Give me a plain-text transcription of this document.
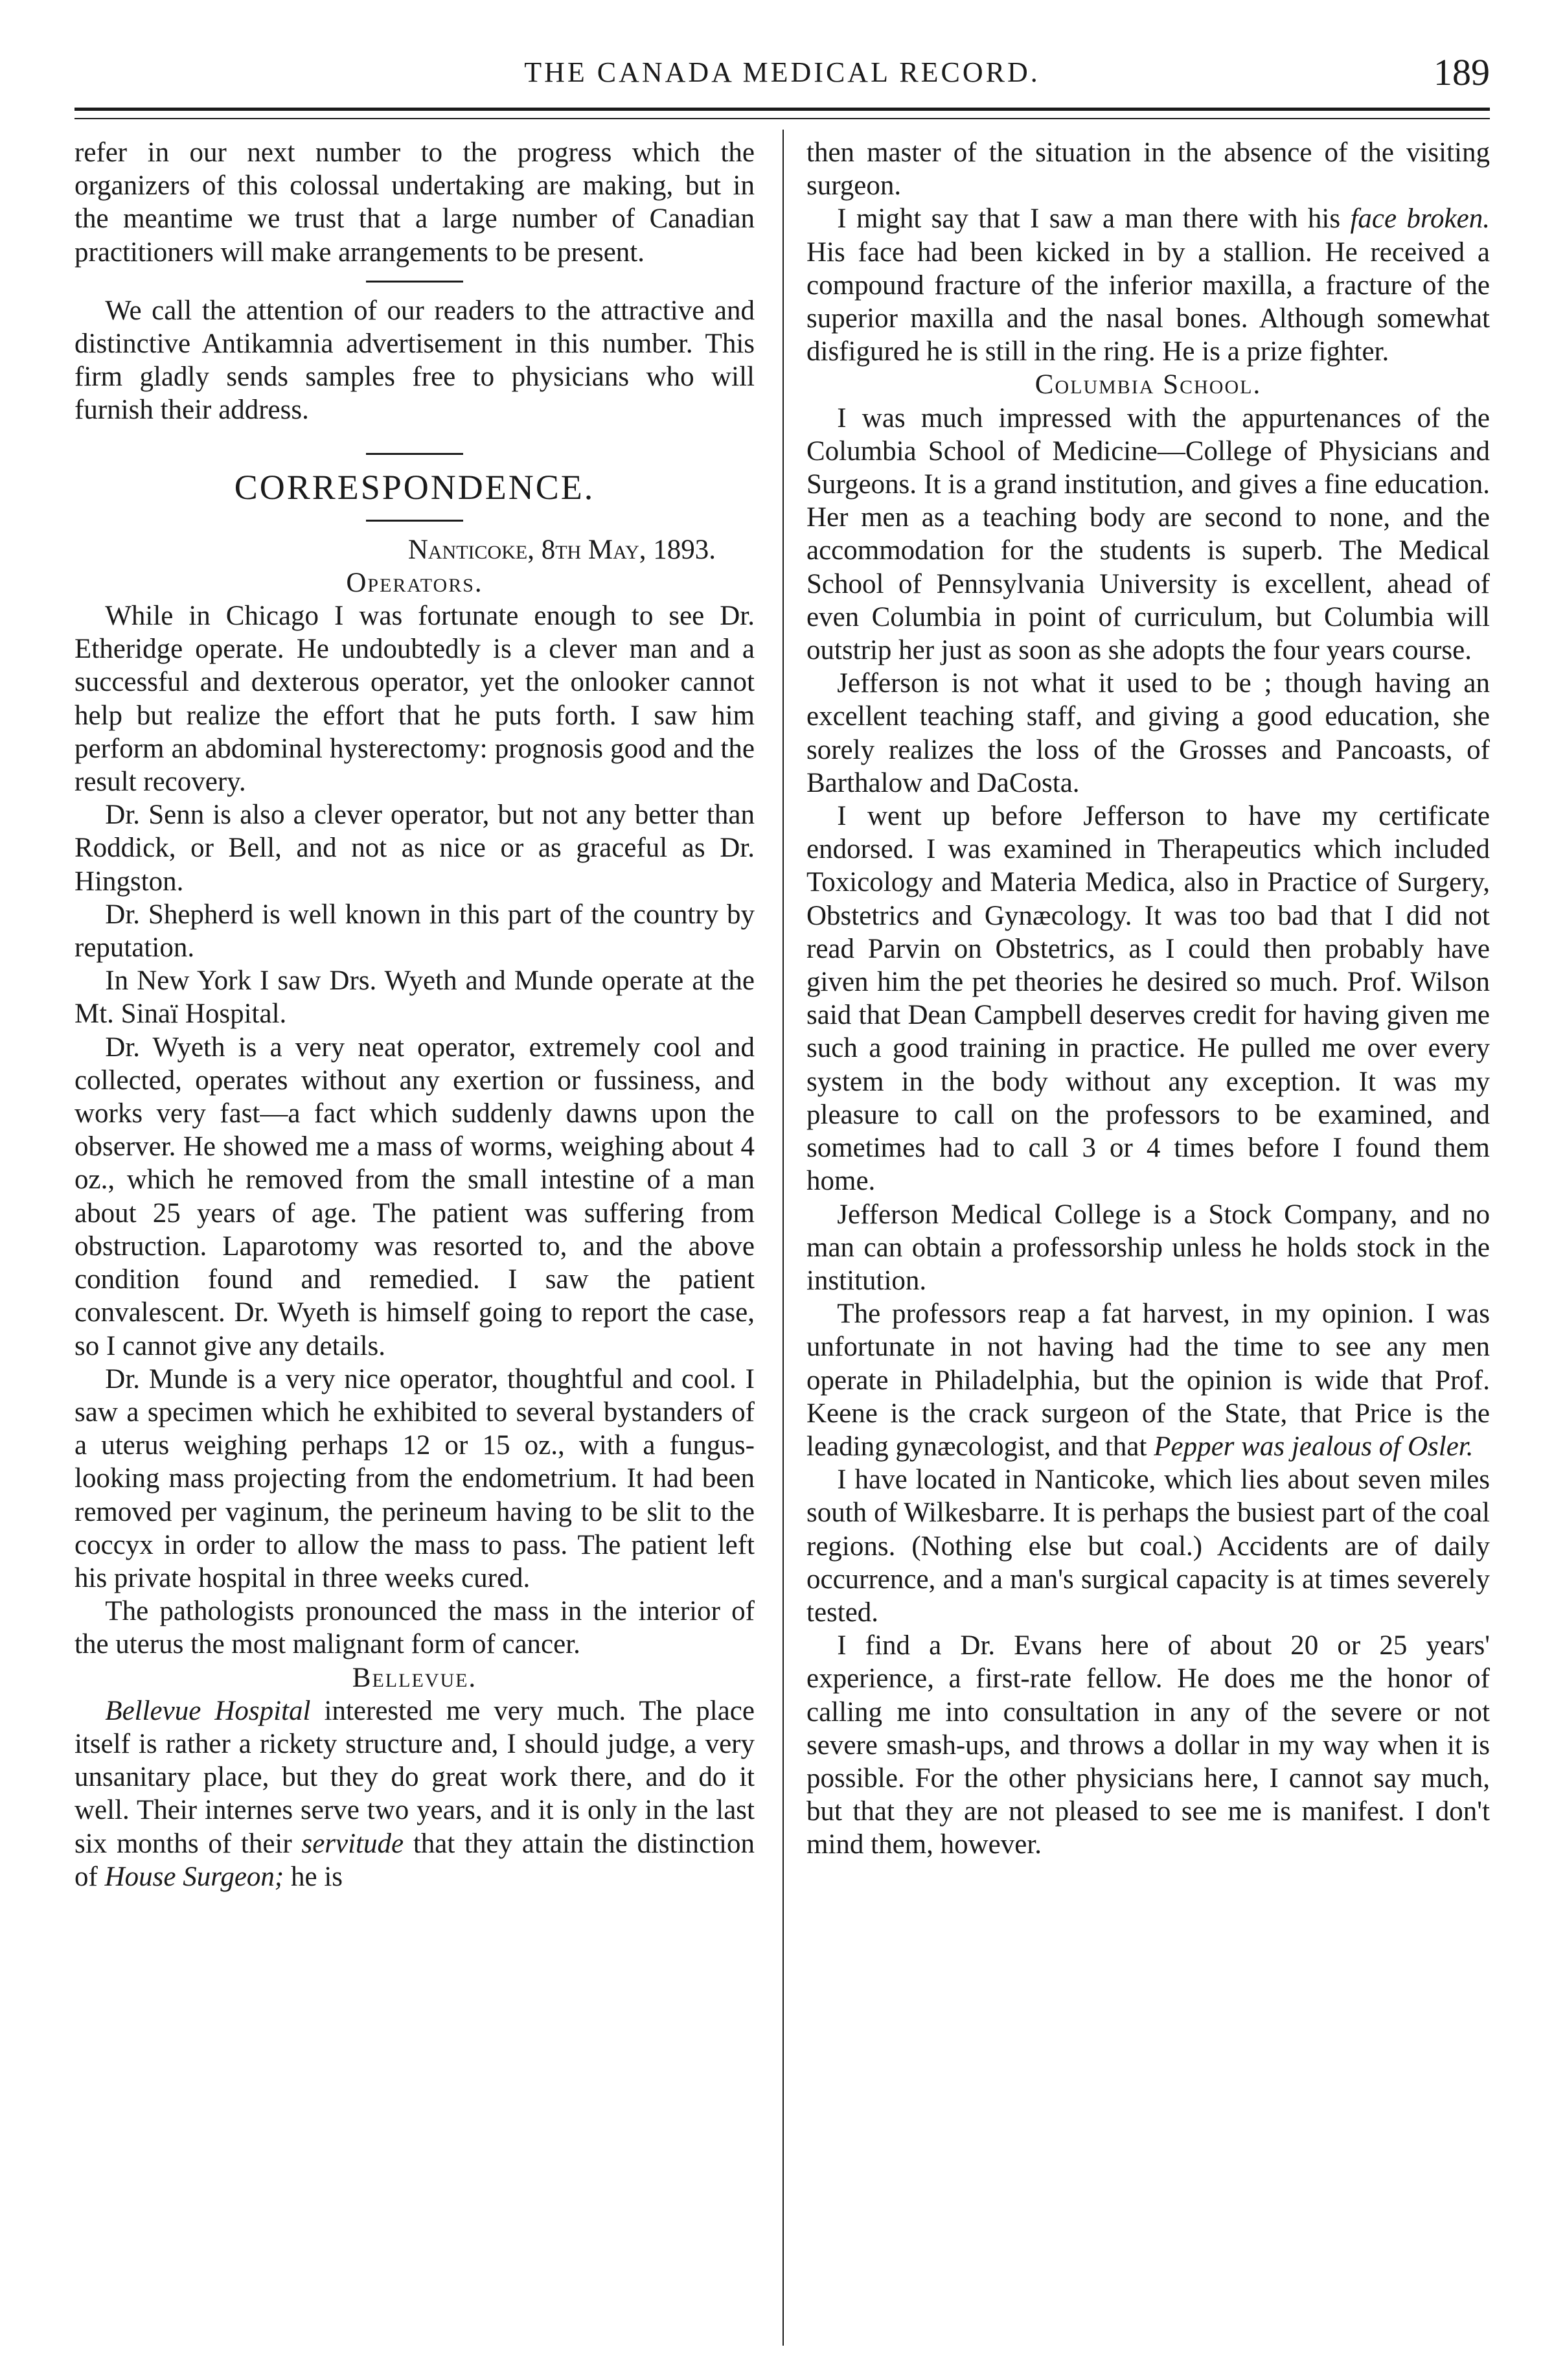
THE CANADA MEDICAL RECORD.	189

refer in our next number to the progress which the organizers of this colossal undertaking are making, but in the meantime we trust that a large number of Canadian practitioners will make arrangements to be present.

We call the attention of our readers to the attractive and distinctive Antikamnia advertisement in this number. This firm gladly sends samples free to physicians who will furnish their address.

CORRESPONDENCE.
Nanticoke, 8th May, 1893.
Operators.

While in Chicago I was fortunate enough to see Dr. Etheridge operate. He undoubtedly is a clever man and a successful and dexterous operator, yet the onlooker cannot help but realize the effort that he puts forth. I saw him perform an abdominal hysterectomy: prognosis good and the result recovery.

Dr. Senn is also a clever operator, but not any better than Roddick, or Bell, and not as nice or as graceful as Dr. Hingston.

Dr. Shepherd is well known in this part of the country by reputation.

In New York I saw Drs. Wyeth and Munde operate at the Mt. Sinaï Hospital.

Dr. Wyeth is a very neat operator, extremely cool and collected, operates without any exertion or fussiness, and works very fast—a fact which suddenly dawns upon the observer. He showed me a mass of worms, weighing about 4 oz., which he removed from the small intestine of a man about 25 years of age. The patient was suffering from obstruction. Laparotomy was resorted to, and the above condition found and remedied. I saw the patient convalescent. Dr. Wyeth is himself going to report the case, so I cannot give any details.

Dr. Munde is a very nice operator, thoughtful and cool. I saw a specimen which he exhibited to several bystanders of a uterus weighing perhaps 12 or 15 oz., with a fungus-looking mass projecting from the endometrium. It had been removed per vaginum, the perineum having to be slit to the coccyx in order to allow the mass to pass. The patient left his private hospital in three weeks cured.

The pathologists pronounced the mass in the interior of the uterus the most malignant form of cancer.

Bellevue.

Bellevue Hospital interested me very much. The place itself is rather a rickety structure and, I should judge, a very unsanitary place, but they do great work there, and do it well. Their internes serve two years, and it is only in the last six months of their servitude that they attain the distinction of House Surgeon; he is

then master of the situation in the absence of the visiting surgeon.

I might say that I saw a man there with his face broken. His face had been kicked in by a stallion. He received a compound fracture of the inferior maxilla, a fracture of the superior maxilla and the nasal bones. Although somewhat disfigured he is still in the ring. He is a prize fighter.

Columbia School.

I was much impressed with the appurtenances of the Columbia School of Medicine—College of Physicians and Surgeons. It is a grand institution, and gives a fine education. Her men as a teaching body are second to none, and the accommodation for the students is superb. The Medical School of Pennsylvania University is excellent, ahead of even Columbia in point of curriculum, but Columbia will outstrip her just as soon as she adopts the four years course.

Jefferson is not what it used to be ; though having an excellent teaching staff, and giving a good education, she sorely realizes the loss of the Grosses and Pancoasts, of Barthalow and DaCosta.

I went up before Jefferson to have my certificate endorsed. I was examined in Therapeutics which included Toxicology and Materia Medica, also in Practice of Surgery, Obstetrics and Gynæcology. It was too bad that I did not read Parvin on Obstetrics, as I could then probably have given him the pet theories he desired so much. Prof. Wilson said that Dean Campbell deserves credit for having given me such a good training in practice. He pulled me over every system in the body without any exception. It was my pleasure to call on the professors to be examined, and sometimes had to call 3 or 4 times before I found them home.

Jefferson Medical College is a Stock Company, and no man can obtain a professorship unless he holds stock in the institution.

The professors reap a fat harvest, in my opinion. I was unfortunate in not having had the time to see any men operate in Philadelphia, but the opinion is wide that Prof. Keene is the crack surgeon of the State, that Price is the leading gynæcologist, and that Pepper was jealous of Osler.

I have located in Nanticoke, which lies about seven miles south of Wilkesbarre. It is perhaps the busiest part of the coal regions. (Nothing else but coal.) Accidents are of daily occurrence, and a man's surgical capacity is at times severely tested.

I find a Dr. Evans here of about 20 or 25 years' experience, a first-rate fellow. He does me the honor of calling me into consultation in any of the severe or not severe smash-ups, and throws a dollar in my way when it is possible. For the other physicians here, I cannot say much, but that they are not pleased to see me is manifest. I don't mind them, however.
